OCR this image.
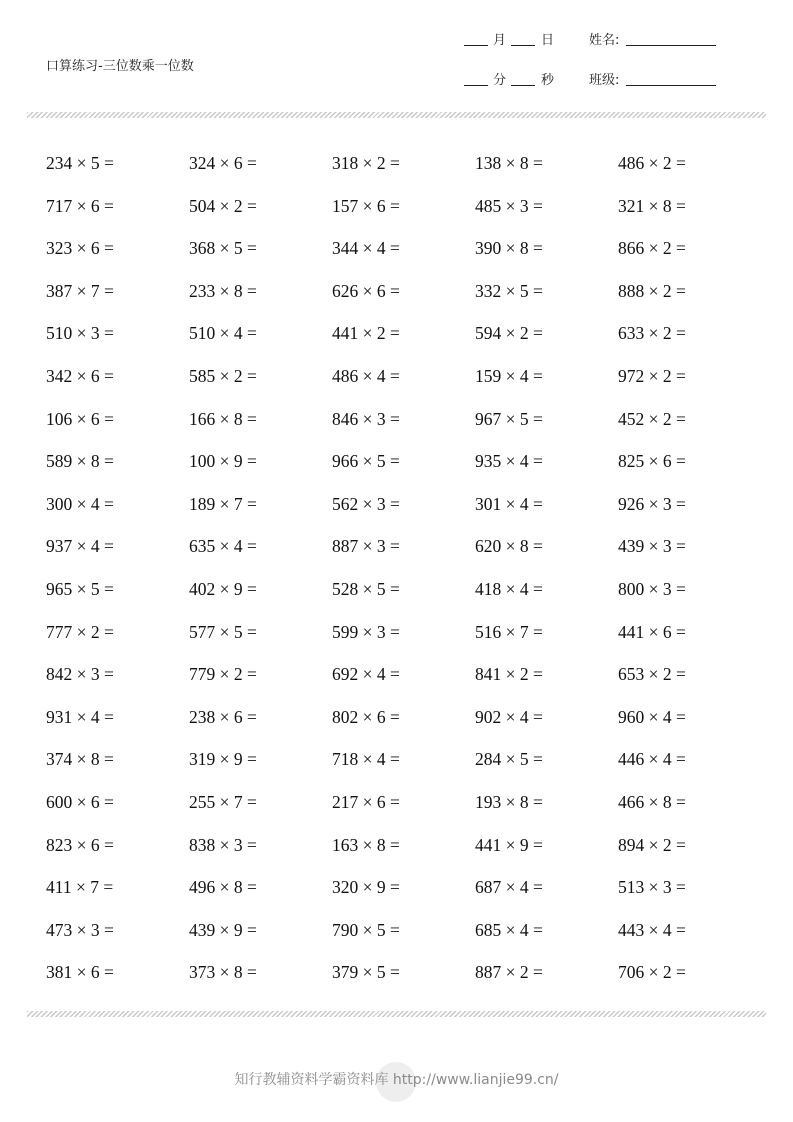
口算练习-三位数乘一位数
月	日	姓名:
分	秒	班级:
234 × 5 =	324 × 6 =	318 × 2 =	138 × 8 =	486 × 2 =
717 × 6 =	504 × 2 =	157 × 6 =	485 × 3 =	321 × 8 =
323 × 6 =	368 × 5 =	344 × 4 =	390 × 8 =	866 × 2 =
387 × 7 =	233 × 8 =	626 × 6 =	332 × 5 =	888 × 2 =
510 × 3 =	510 × 4 =	441 × 2 =	594 × 2 =	633 × 2 =
342 × 6 =	585 × 2 =	486 × 4 =	159 × 4 =	972 × 2 =
106 × 6 =	166 × 8 =	846 × 3 =	967 × 5 =	452 × 2 =
589 × 8 =	100 × 9 =	966 × 5 =	935 × 4 =	825 × 6 =
300 × 4 =	189 × 7 =	562 × 3 =	301 × 4 =	926 × 3 =
937 × 4 =	635 × 4 =	887 × 3 =	620 × 8 =	439 × 3 =
965 × 5 =	402 × 9 =	528 × 5 =	418 × 4 =	800 × 3 =
777 × 2 =	577 × 5 =	599 × 3 =	516 × 7 =	441 × 6 =
842 × 3 =	779 × 2 =	692 × 4 =	841 × 2 =	653 × 2 =
931 × 4 =	238 × 6 =	802 × 6 =	902 × 4 =	960 × 4 =
374 × 8 =	319 × 9 =	718 × 4 =	284 × 5 =	446 × 4 =
600 × 6 =	255 × 7 =	217 × 6 =	193 × 8 =	466 × 8 =
823 × 6 =	838 × 3 =	163 × 8 =	441 × 9 =	894 × 2 =
411 × 7 =	496 × 8 =	320 × 9 =	687 × 4 =	513 × 3 =
473 × 3 =	439 × 9 =	790 × 5 =	685 × 4 =	443 × 4 =
381 × 6 =	373 × 8 =	379 × 5 =	887 × 2 =	706 × 2 =
知行教辅资料学霸资料库 http://www.lianjie99.cn/
